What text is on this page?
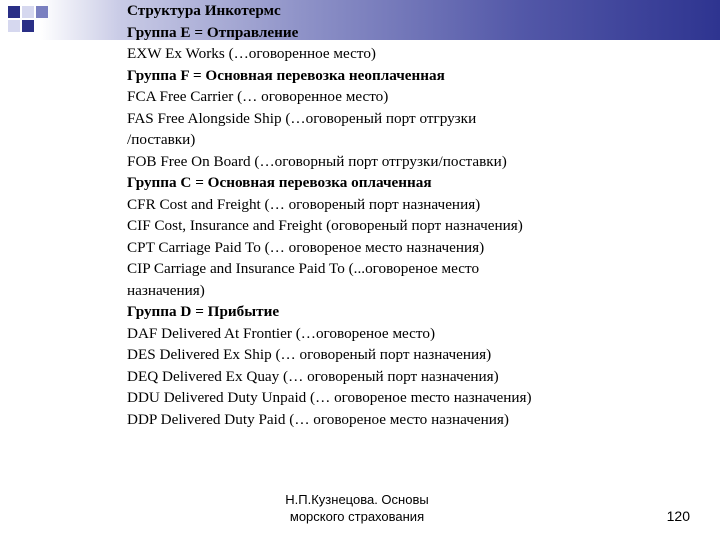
Структура Инкотермс
Группа Е = Отправление
EXW Ex Works (…оговоренное место)
Группа F = Основная перевозка неоплаченная
FCA Free Carrier (… оговоренное место)
FAS Free Alongside Ship (…оговореный порт отгрузки
/поставки)
FOB Free On Board (…оговорный порт отгрузки/поставки)
Группа С = Основная перевозка оплаченная
CFR Cost and Freight (… оговореный порт назначения)
CIF Cost, Insurance and Freight (оговореный порт назначения)
CPT Carriage Paid To (… оговореное место назначения)
CIP Carriage and Insurance Paid To (...оговореное место
назначения)
Группа D = Прибытие
DAF Delivered At Frontier (…оговореное место)
DES Delivered Ex Ship (… оговореный порт назначения)
DEQ Delivered Ex Quay (… оговореный порт назначения)
DDU Delivered Duty Unpaid (… оговореное meсто назначения)
DDP Delivered Duty Paid (… оговореное место назначения)
Н.П.Кузнецова. Основы
морского страхования	120
